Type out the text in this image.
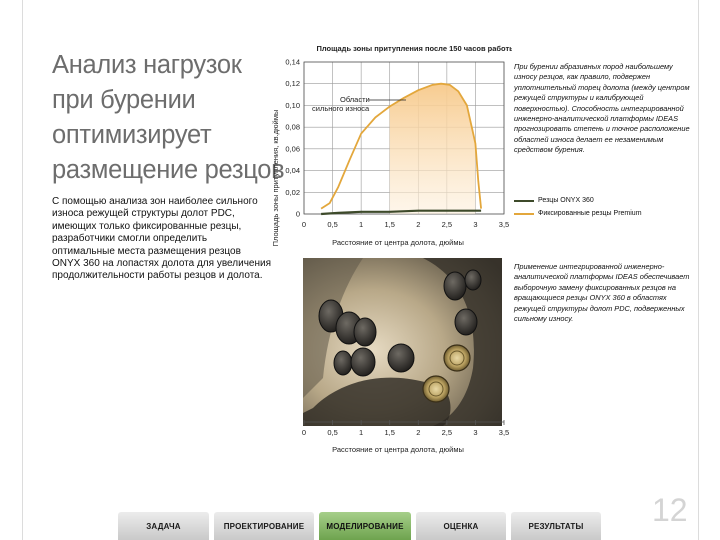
Анализ нагрузок
при бурении
оптимизирует
размещение резцов
С помощью анализа зон наиболее сильного износа режущей структуры долот PDC, имеющих только фиксированные резцы, разработчики смогли определить оптимальные места размещения резцов ONYX 360 на лопастях долота для увеличения продолжительности работы резцов и долота.
Площадь зоны притупления после 150 часов работы
0	0,5	1	1,5	2	2,5	3	3,5
0
0,02
0,04
0,06
0,08
0,10
0,12
0,14
Площадь зоны притупления, кв.дюймы	Расстояние от центра долота, дюймы
Области
сильного износа
При бурении абразивных пород наибольшему износу резцов, как правило, подвержен уплотнительный торец долота (между центром режущей структуры и калибрующей поверхностью). Способность интегрированной инженерно-аналитической платформы IDEAS прогнозировать степень и точное расположение областей износа делает ее незаменимым средством бурения.
Резцы ONYX 360
Фиксированные резцы Premium
0	0,5	1	1,5	2	2,5	3	3,5
Расстояние от центра долота, дюймы
Применение интегрированной инженерно-аналитической платформы IDEAS обеспечивает выборочную замену фиксированных резцов на вращающиеся резцы ONYX 360 в областях режущей структуры долот PDC, подверженных сильному износу.
12
ЗАДАЧА	ПРОЕКТИРОВАНИЕ	МОДЕЛИРОВАНИЕ	ОЦЕНКА	РЕЗУЛЬТАТЫ
